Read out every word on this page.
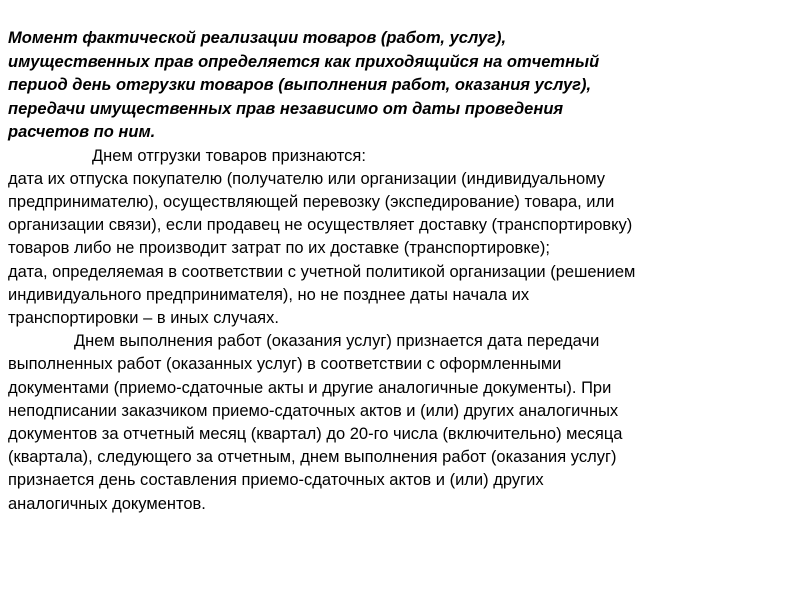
Момент фактической реализации товаров (работ, услуг),
имущественных прав определяется как приходящийся на отчетный
период день отгрузки товаров (выполнения работ, оказания услуг),
передачи имущественных прав независимо от даты проведения
расчетов по ним.

Днем отгрузки товаров признаются:
дата их отпуска покупателю (получателю или организации (индивидуальному
предпринимателю), осуществляющей перевозку (экспедирование) товара, или
организации связи), если продавец не осуществляет доставку (транспортировку)
товаров либо не производит затрат по их доставке (транспортировке);
дата, определяемая в соответствии с учетной политикой организации (решением
индивидуального предпринимателя), но не позднее даты начала их
транспортировки – в иных случаях.

Днем выполнения работ (оказания услуг) признается дата передачи
выполненных работ (оказанных услуг) в соответствии с оформленными
документами (приемо-сдаточные акты и другие аналогичные документы). При
неподписании заказчиком приемо-сдаточных актов и (или) других аналогичных
документов за отчетный месяц (квартал) до 20-го числа (включительно) месяца
(квартала), следующего за отчетным, днем выполнения работ (оказания услуг)
признается день составления приемо-сдаточных актов и (или) других
аналогичных документов.
